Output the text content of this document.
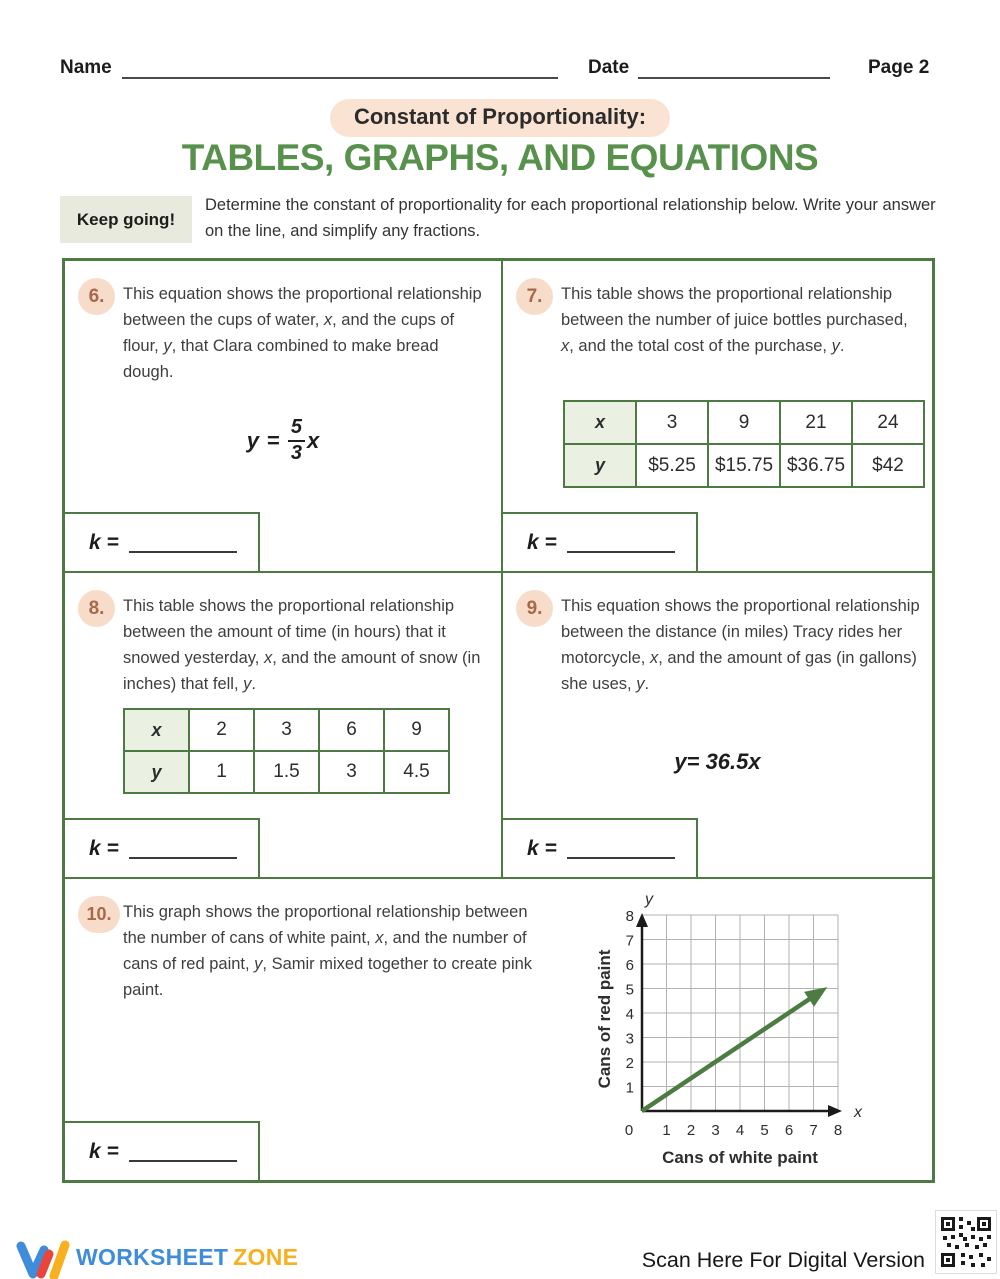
Name	Date	Page 2
Constant of Proportionality:
TABLES, GRAPHS, AND EQUATIONS
Keep going!
Determine the constant of proportionality for each proportional relationship below. Write your answer on the line, and simplify any fractions.
6.	This equation shows the proportional relationship between the cups of water, x, and the cups of flour, y, that Clara combined to make bread dough.
$y = \frac{5}{3}$ x
k =
7.	This table shows the proportional relationship between the number of juice bottles purchased, x, and the total cost of the purchase, y.
x	3	9	21	24
y	$5.25	$15.75	$36.75	$42
k =
8.	This table shows the proportional relationship between the amount of time (in hours) that it snowed yesterday, x, and the amount of snow (in inches) that fell, y.
x	2	3	6	9
y	1	1.5	3	4.5
k =
9.	This equation shows the proportional relationship between the distance (in miles) Tracy rides her motorcycle, x, and the amount of gas (in gallons) she uses, y.
y = 36.5 x
k =
10. This graph shows the proportional relationship between the number of cans of white paint, x, and the number of cans of red paint, y, Samir mixed together to create pink paint.
y
x
0 1 2 3 4 5 6 7 8
1
2
3
4
5
6
7
8
Cans of white paint
Cans of red paint
k =
WORKSHEET ZONE	Scan Here For Digital Version
